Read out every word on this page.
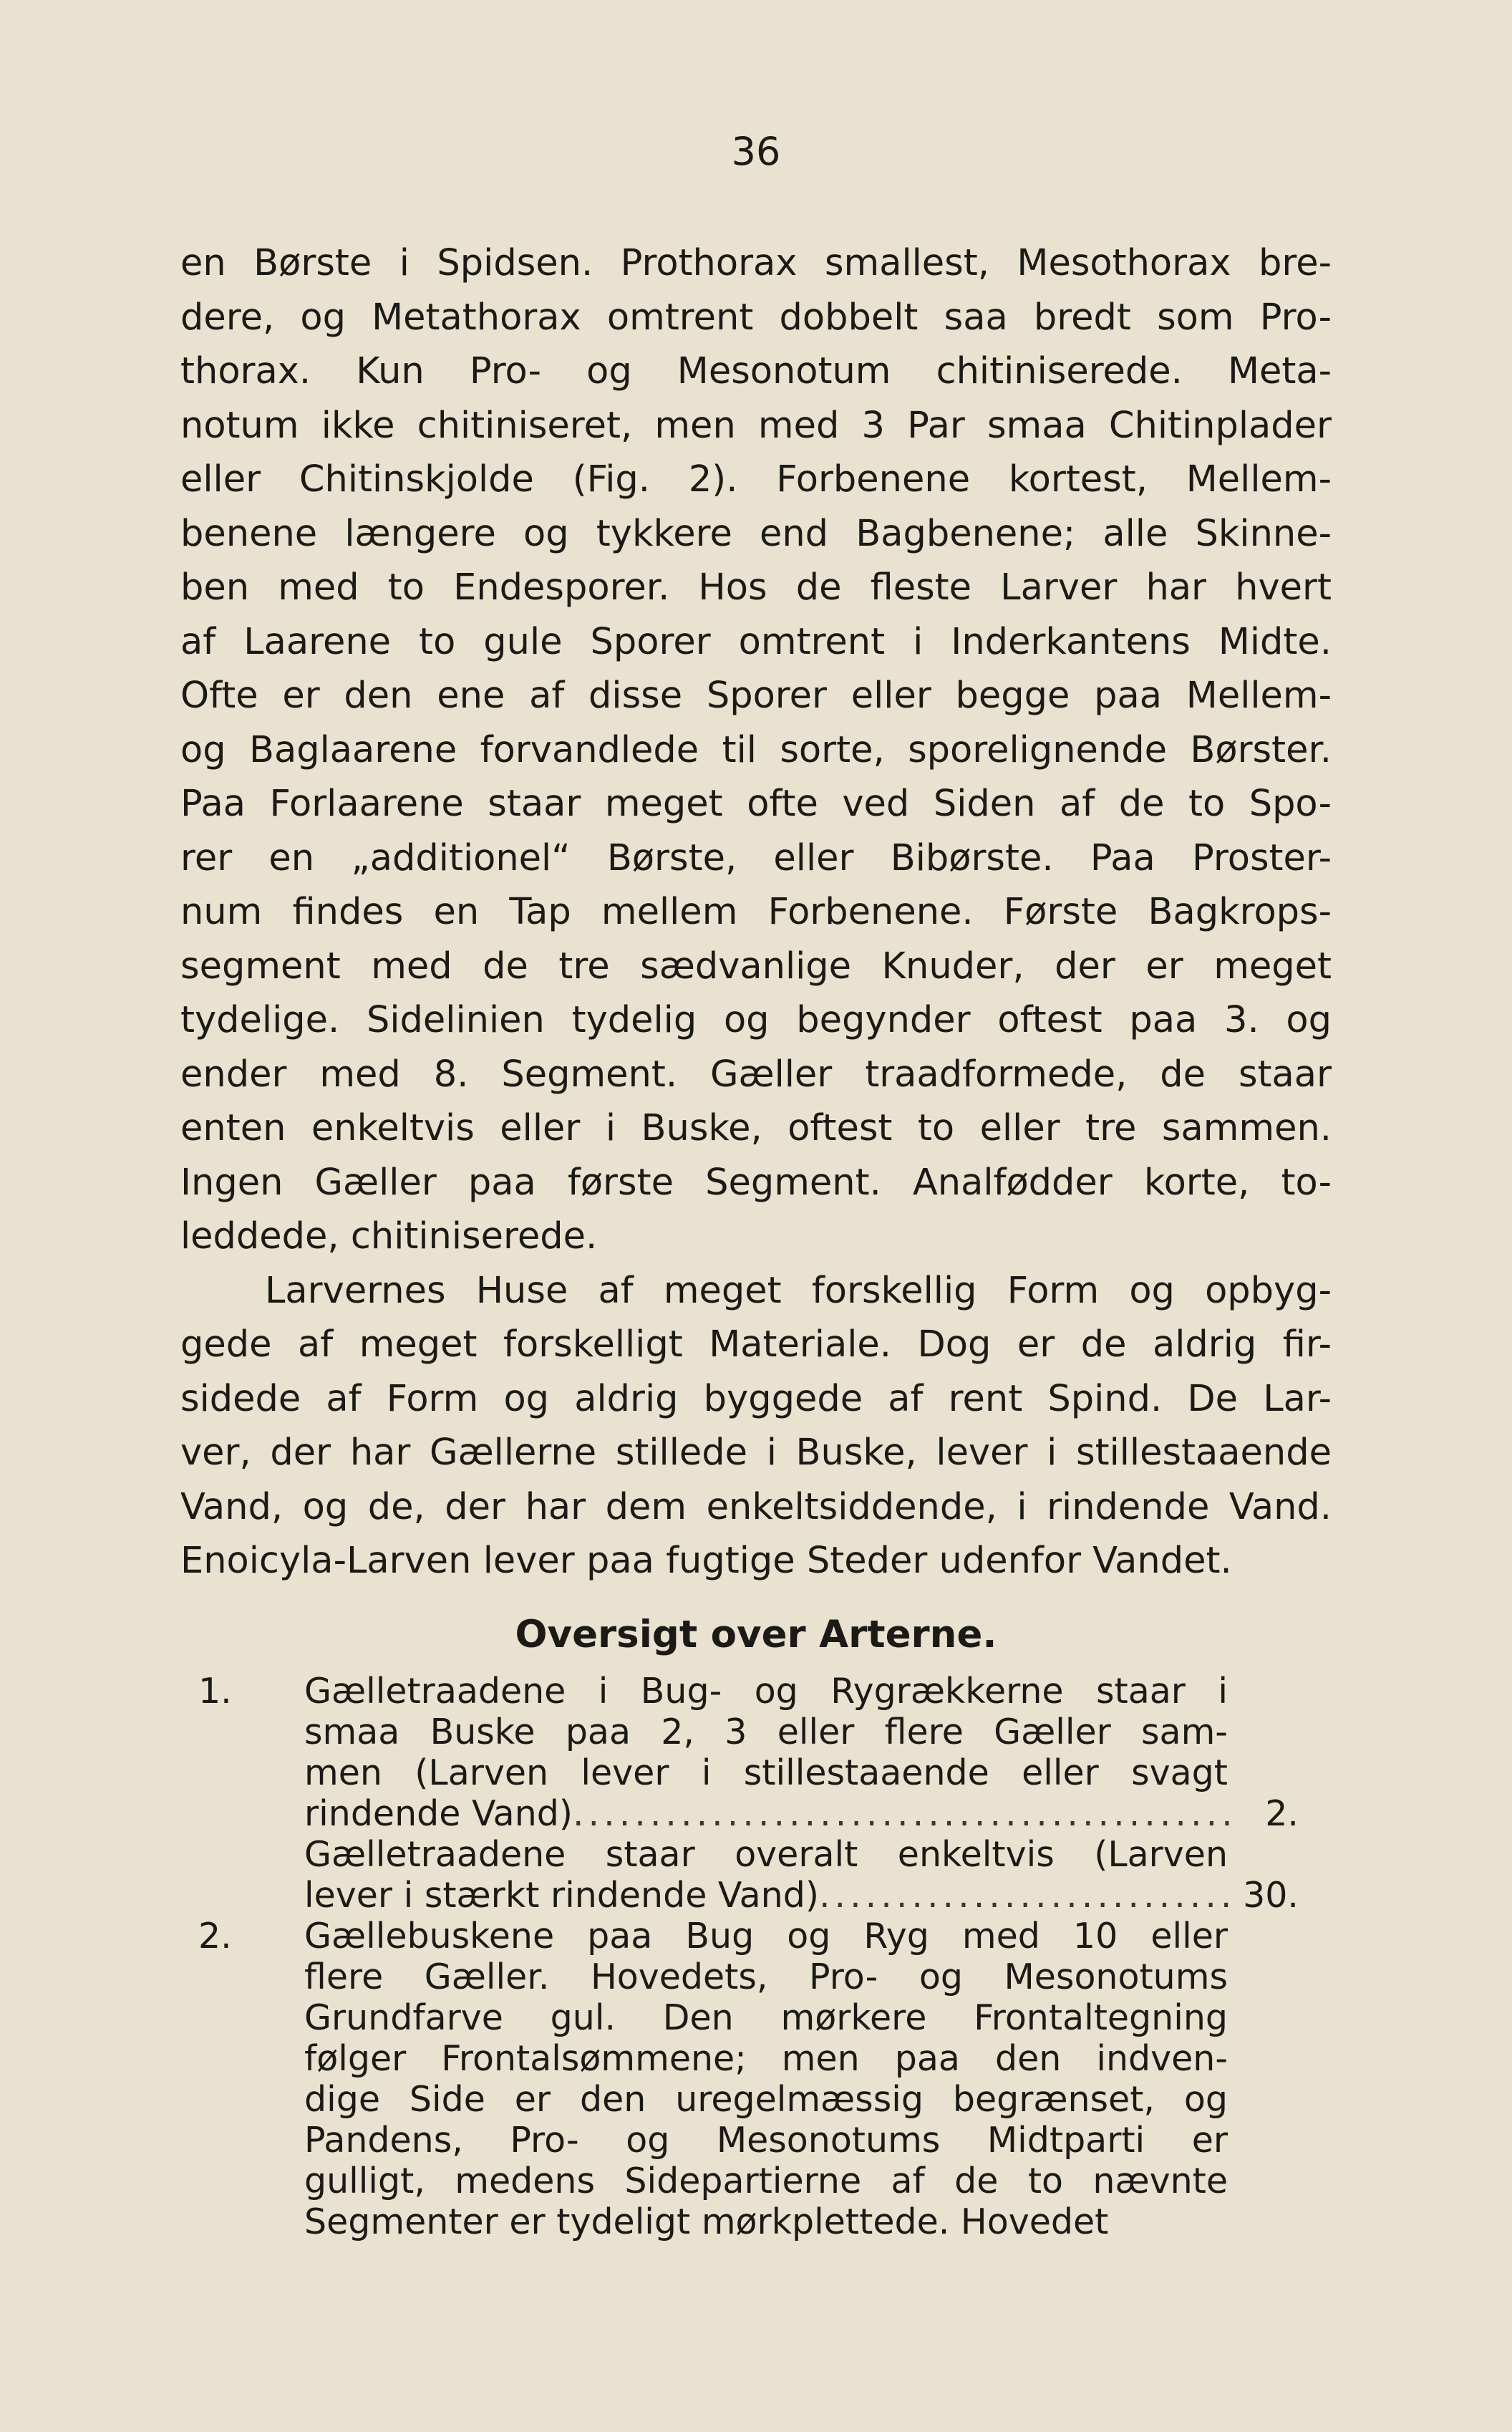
36
en Børste i Spidsen. Prothorax smallest, Mesothorax bre-
dere, og Metathorax omtrent dobbelt saa bredt som Pro-
thorax. Kun Pro- og Mesonotum chitiniserede. Meta-
notum ikke chitiniseret, men med 3 Par smaa Chitinplader
eller Chitinskjolde (Fig. 2). Forbenene kortest, Mellem-
benene længere og tykkere end Bagbenene; alle Skinne-
ben med to Endesporer. Hos de fleste Larver har hvert
af Laarene to gule Sporer omtrent i Inderkantens Midte.
Ofte er den ene af disse Sporer eller begge paa Mellem-
og Baglaarene forvandlede til sorte, sporelignende Børster.
Paa Forlaarene staar meget ofte ved Siden af de to Spo-
rer en „additionel“ Børste, eller Bibørste. Paa Proster-
num findes en Tap mellem Forbenene. Første Bagkrops-
segment med de tre sædvanlige Knuder, der er meget
tydelige. Sidelinien tydelig og begynder oftest paa 3. og
ender med 8. Segment. Gæller traadformede, de staar
enten enkeltvis eller i Buske, oftest to eller tre sammen.
Ingen Gæller paa første Segment. Analfødder korte, to-
leddede, chitiniserede.
Larvernes Huse af meget forskellig Form og opbyg-
gede af meget forskelligt Materiale. Dog er de aldrig fir-
sidede af Form og aldrig byggede af rent Spind. De Lar-
ver, der har Gællerne stillede i Buske, lever i stillestaaende
Vand, og de, der har dem enkeltsiddende, i rindende Vand.
Enoicyla-Larven lever paa fugtige Steder udenfor Vandet.
Oversigt over Arterne.
1. Gælletraadene i Bug- og Rygrækkerne staar i
smaa Buske paa 2, 3 eller flere Gæller sam-
men (Larven lever i stillestaaende eller svagt
rindende Vand) .....	2.
Gælletraadene staar overalt enkeltvis (Larven
lever i stærkt rindende Vand) .....	30.
2. Gællebuskene paa Bug og Ryg med 10 eller
flere Gæller. Hovedets, Pro- og Mesonotums
Grundfarve gul. Den mørkere Frontaltegning
følger Frontalsømmene; men paa den indven-
dige Side er den uregelmæssig begrænset, og
Pandens, Pro- og Mesonotums Midtparti er
gulligt, medens Sidepartierne af de to nævnte
Segmenter er tydeligt mørkplettede. Hovedet
